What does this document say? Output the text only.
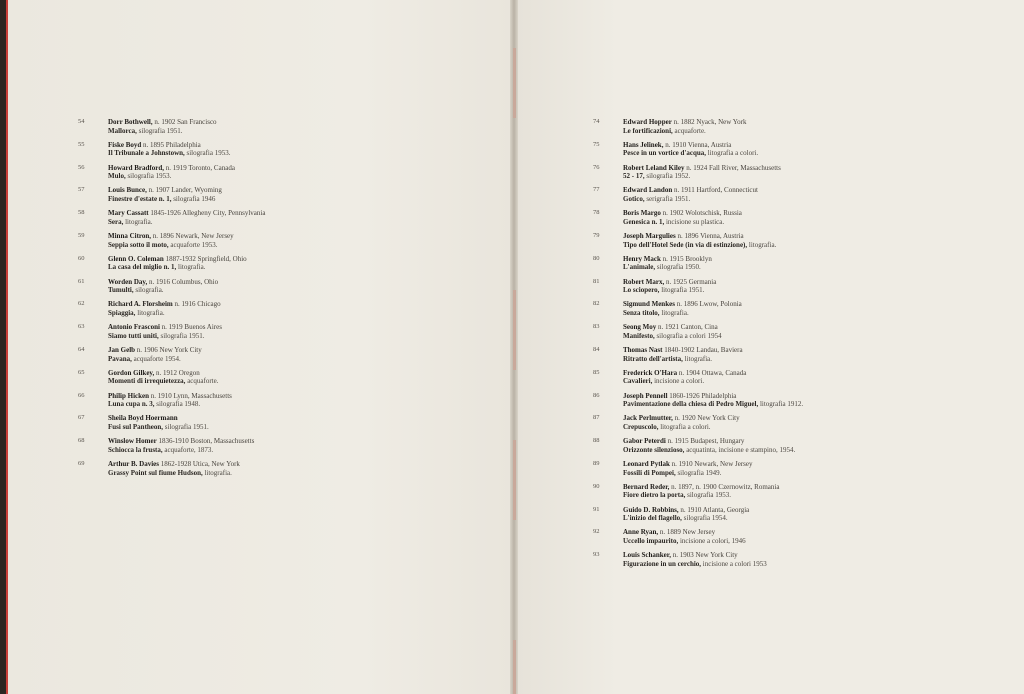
54	Dorr Bothwell, n. 1902 San Francisco
Mallorca, silografia 1951.
55	Fiske Boyd n. 1895 Philadelphia
Il Tribunale a Johnstown, silografia 1953.
56	Howard Bradford, n. 1919 Toronto, Canada
Mulo, silografia 1953.
57	Louis Bunce, n. 1907 Lander, Wyoming
Finestre d'estate n. 1, silografia 1946
58	Mary Cassatt 1845-1926 Allegheny City, Pennsylvania
Sera, litografia.
59	Minna Citron, n. 1896 Newark, New Jersey
Seppia sotto il moto, acquaforte 1953.
60	Glenn O. Coleman 1887-1932 Springfield, Ohio
La casa del miglio n. 1, litografia.
61	Worden Day, n. 1916 Columbus, Ohio
Tumulti, silografia.
62	Richard A. Florsheim n. 1916 Chicago
Spiaggia, litografia.
63	Antonio Frasconi n. 1919 Buenos Aires
Siamo tutti uniti, silografia 1951.
64	Jan Gelb n. 1906 New York City
Pavana, acquaforte 1954.
65	Gordon Gilkey, n. 1912 Oregon
Momenti di irrequietezza, acquaforte.
66	Philip Hicken n. 1910 Lynn, Massachusetts
Luna cupa n. 3, silografia 1948.
67	Sheila Boyd Hoermann
Fusi sul Pantheon, silografia 1951.
68	Winslow Homer 1836-1910 Boston, Massachusetts
Schiocca la frusta, acquaforte, 1873.
69	Arthur B. Davies 1862-1928 Utica, New York
Grassy Point sul fiume Hudson, litografia.
74	Edward Hopper n. 1882 Nyack, New York
Le fortificazioni, acquaforte.
75	Hans Jelinek, n. 1910 Vienna, Austria
Pesce in un vortice d'acqua, litografia a colori.
76	Robert Leland Kiley n. 1924 Fall River, Massachusetts
52 - 17, silografia 1952.
77	Edward Landon n. 1911 Hartford, Connecticut
Gotico, serigrafia 1951.
78	Boris Margo n. 1902 Wolotschisk, Russia
Genesica n. 1, incisione su plastica.
79	Joseph Margulies n. 1896 Vienna, Austria
Tipo dell'Hotel Sede (in via di estinzione), litografia.
80	Henry Mack n. 1915 Brooklyn
L'animale, silografia 1950.
81	Robert Marx, n. 1925 Germania
Lo sciopero, litografia 1951.
82	Sigmund Menkes n. 1896 Lwow, Polonia
Senza titolo, litografia.
83	Seong Moy n. 1921 Canton, Cina
Manifesto, silografia a colori 1954
84	Thomas Nast 1840-1902 Landau, Baviera
Ritratto dell'artista, litografia.
85	Frederick O'Hara n. 1904 Ottawa, Canada
Cavalieri, incisione a colori.
86	Joseph Pennell 1860-1926 Philadelphia
Pavimentazione della chiesa di Pedro Miguel, litografia 1912.
87	Jack Perlmutter, n. 1920 New York City
Crepuscolo, litografia a colori.
88	Gabor Peterdi n. 1915 Budapest, Hungary
Orizzonte silenzioso, acquatinta, incisione e stampino, 1954.
89	Leonard Pytlak n. 1910 Newark, New Jersey
Fossili di Pompei, silografia 1949.
90	Bernard Reder, n. 1897, n. 1900 Czernowitz, Romania
Fiore dietro la porta, silografia 1953.
91	Guido D. Robbins, n. 1910 Atlanta, Georgia
L'inizio del flagello, silografia 1954.
92	Anne Ryan, n. 1889 New Jersey
Uccello impaurito, incisione a colori, 1946
93	Louis Schanker, n. 1903 New York City
Figurazione in un cerchio, incisione a colori 1953
